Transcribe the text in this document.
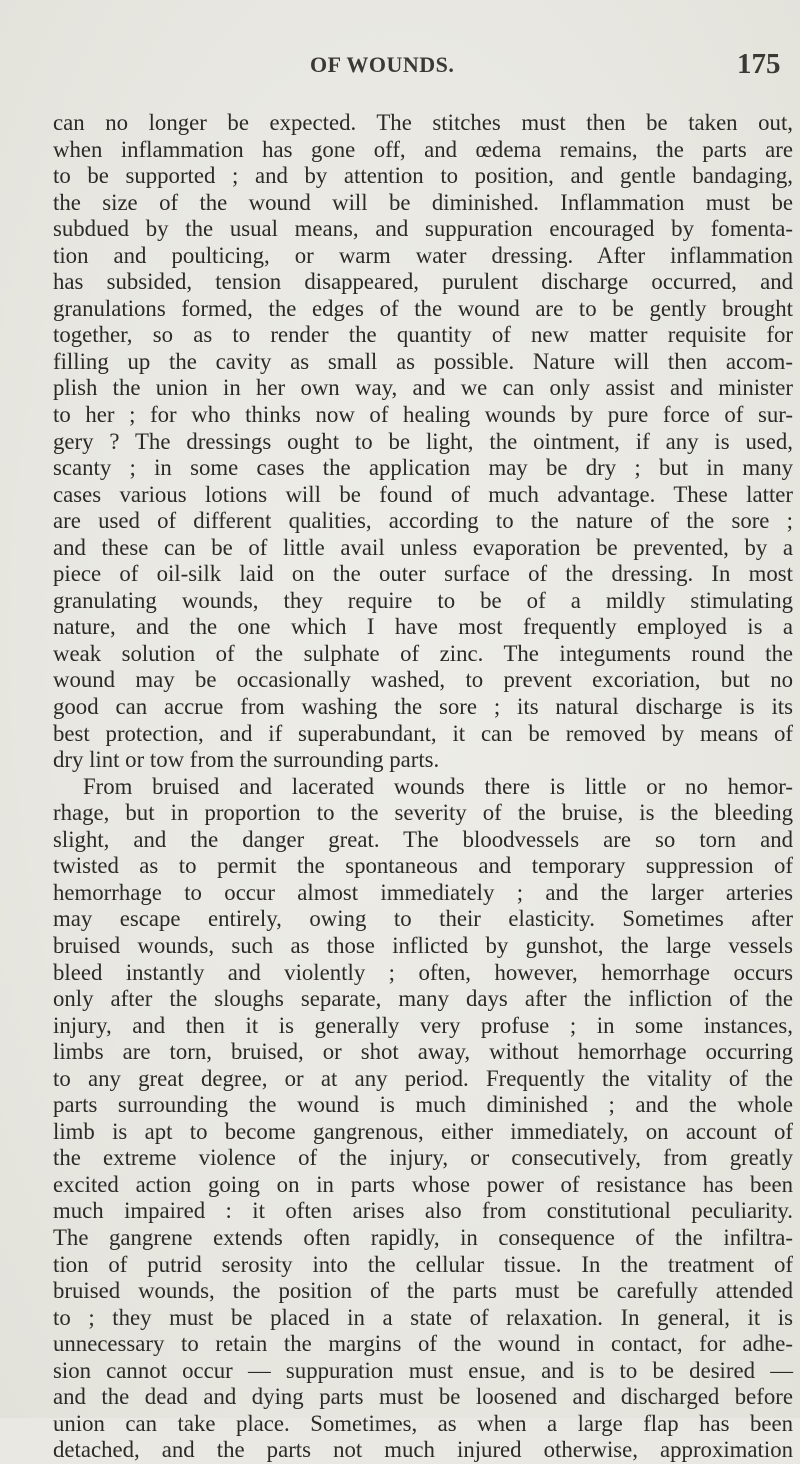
OF WOUNDS.	175
can no longer be expected. The stitches must then be taken out,
when inflammation has gone off, and œdema remains, the parts are
to be supported ; and by attention to position, and gentle bandaging,
the size of the wound will be diminished. Inflammation must be
subdued by the usual means, and suppuration encouraged by fomenta-
tion and poulticing, or warm water dressing. After inflammation
has subsided, tension disappeared, purulent discharge occurred, and
granulations formed, the edges of the wound are to be gently brought
together, so as to render the quantity of new matter requisite for
filling up the cavity as small as possible. Nature will then accom-
plish the union in her own way, and we can only assist and minister
to her ; for who thinks now of healing wounds by pure force of sur-
gery ? The dressings ought to be light, the ointment, if any is used,
scanty ; in some cases the application may be dry ; but in many
cases various lotions will be found of much advantage. These latter
are used of different qualities, according to the nature of the sore ;
and these can be of little avail unless evaporation be prevented, by a
piece of oil-silk laid on the outer surface of the dressing. In most
granulating wounds, they require to be of a mildly stimulating
nature, and the one which I have most frequently employed is a
weak solution of the sulphate of zinc. The integuments round the
wound may be occasionally washed, to prevent excoriation, but no
good can accrue from washing the sore ; its natural discharge is its
best protection, and if superabundant, it can be removed by means of
dry lint or tow from the surrounding parts.
From bruised and lacerated wounds there is little or no hemor-
rhage, but in proportion to the severity of the bruise, is the bleeding
slight, and the danger great. The bloodvessels are so torn and
twisted as to permit the spontaneous and temporary suppression of
hemorrhage to occur almost immediately ; and the larger arteries
may escape entirely, owing to their elasticity. Sometimes after
bruised wounds, such as those inflicted by gunshot, the large vessels
bleed instantly and violently ; often, however, hemorrhage occurs
only after the sloughs separate, many days after the infliction of the
injury, and then it is generally very profuse ; in some instances,
limbs are torn, bruised, or shot away, without hemorrhage occurring
to any great degree, or at any period. Frequently the vitality of the
parts surrounding the wound is much diminished ; and the whole
limb is apt to become gangrenous, either immediately, on account of
the extreme violence of the injury, or consecutively, from greatly
excited action going on in parts whose power of resistance has been
much impaired : it often arises also from constitutional peculiarity.
The gangrene extends often rapidly, in consequence of the infiltra-
tion of putrid serosity into the cellular tissue. In the treatment of
bruised wounds, the position of the parts must be carefully attended
to ; they must be placed in a state of relaxation. In general, it is
unnecessary to retain the margins of the wound in contact, for adhe-
sion cannot occur — suppuration must ensue, and is to be desired —
and the dead and dying parts must be loosened and discharged before
union can take place. Sometimes, as when a large flap has been
detached, and the parts not much injured otherwise, approximation
